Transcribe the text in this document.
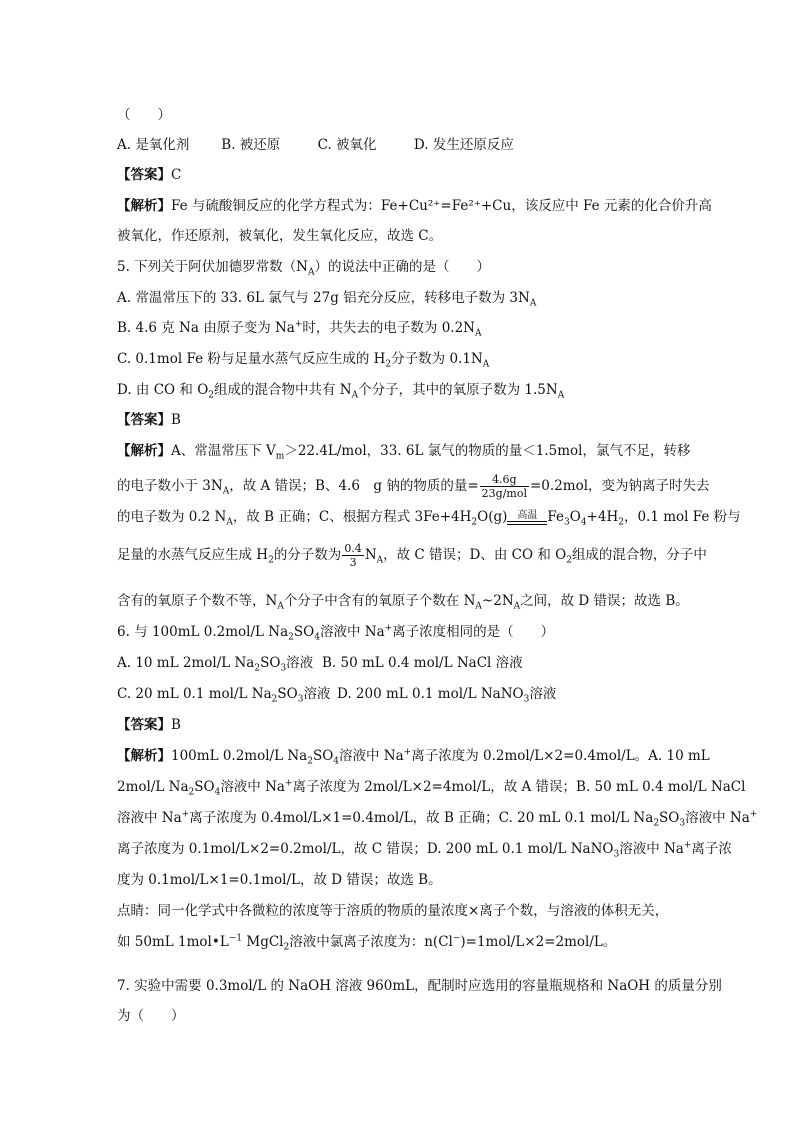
（　　）
A. 是氧化剂 B. 被还原	C. 被氧化	D. 发生还原反应
【答案】C
【解析】Fe 与硫酸铜反应的化学方程式为：Fe+Cu²⁺=Fe²⁺+Cu，该反应中 Fe 元素的化合价升高
被氧化，作还原剂，被氧化，发生氧化反应，故选 C。
5. 下列关于阿伏加德罗常数$(N_A)$的说法中正确的是（　　）
A. 常温常压下的 33. 6L 氯气与 27g 铝充分反应，转移电子数为 $3N_A$
B. 4.6 克 Na 由原子变为 Na+时，共失去的电子数为 $0.2N_A$
C. 0.1mol Fe 粉与足量水蒸气反应生成的 $H_2$分子数为 $0.1N_A$
D. 由 CO 和 $O_2$组成的混合物中共有 $N_A$个分子，其中的氧原子数为 $1.5N_A$
【答案】B
【解析】A、常温常压下 $V_m>22.4L$/mol，33. 6L 氯气的物质的量＜1.5mol，氯气不足，转移
的电子数小于 $3N_A$，故 A 错误；B、4.6　g 钠的物质的量= $\frac{4.6g}{\text{23g/mol}} =0.2mol$，变为钠离子时失去
的电子数为 0.2 $N_A$，故 B 正确；C、根据方程式 $3Fe+4H_2O(g)$	高温 $Fe_3O_4+4H_2$，0.1 mol Fe 粉与
足量的水蒸气反应生成 $H_2$的分子数为 $\frac{0.4}{3} N_A$，故 C 错误；D、由 CO 和 $O_2$组成的混合物，分子中
含有的氧原子个数不等，$N_A$个分子中含有的氧原子个数在 $N_A\sim 2N_A$之间，故 D 错误；故选 B。
6. 与 100mL 0.2mol/L $Na_2SO_4$溶液中 Na+离子浓度相同的是（　　）
A. 10 mL 2mol/L $Na_2SO_3$溶液 B. 50 mL 0.4 mol/L NaCl 溶液
C. 20 mL 0.1 mol/L $Na_2SO_3$溶液 D. 200 mL 0.1 mol/L NaNO$_3$溶液
【答案】B
【解析】100mL 0.2mol/L $Na_2SO_4$溶液中 Na+离子浓度为 0.2mol/L×2=0.4mol/L。A. 10 mL
2mol/L $Na_2SO_4$溶液中 Na+离子浓度为 2mol/L×2=4mol/L，故 A 错误；B. 50 mL 0.4 mol/L NaCl
溶液中 Na+离子浓度为 0.4mol/L×1=0.4mol/L，故 B 正确；C. 20 mL 0.1 mol/L $Na_2SO_3$溶液中 Na+
离子浓度为 0.1mol/L×2=0.2mol/L，故 C 错误；D. 200 mL 0.1 mol/L NaNO$_3$溶液中 Na+离子浓
度为 0.1mol/L×1=0.1mol/L，故 D 错误；故选 B。
点睛：同一化学式中各微粒的浓度等于溶质的物质的量浓度×离子个数，与溶液的体积无关，
如 50mL $1mol•L^{-1}$ MgCl$_2$溶液中氯离子浓度为：n(Cl−)=1mol/L×2=2mol/L。
7. 实验中需要 0.3mol/L 的 NaOH 溶液 960mL，配制时应选用的容量瓶规格和 NaOH 的质量分别
为（　　）
